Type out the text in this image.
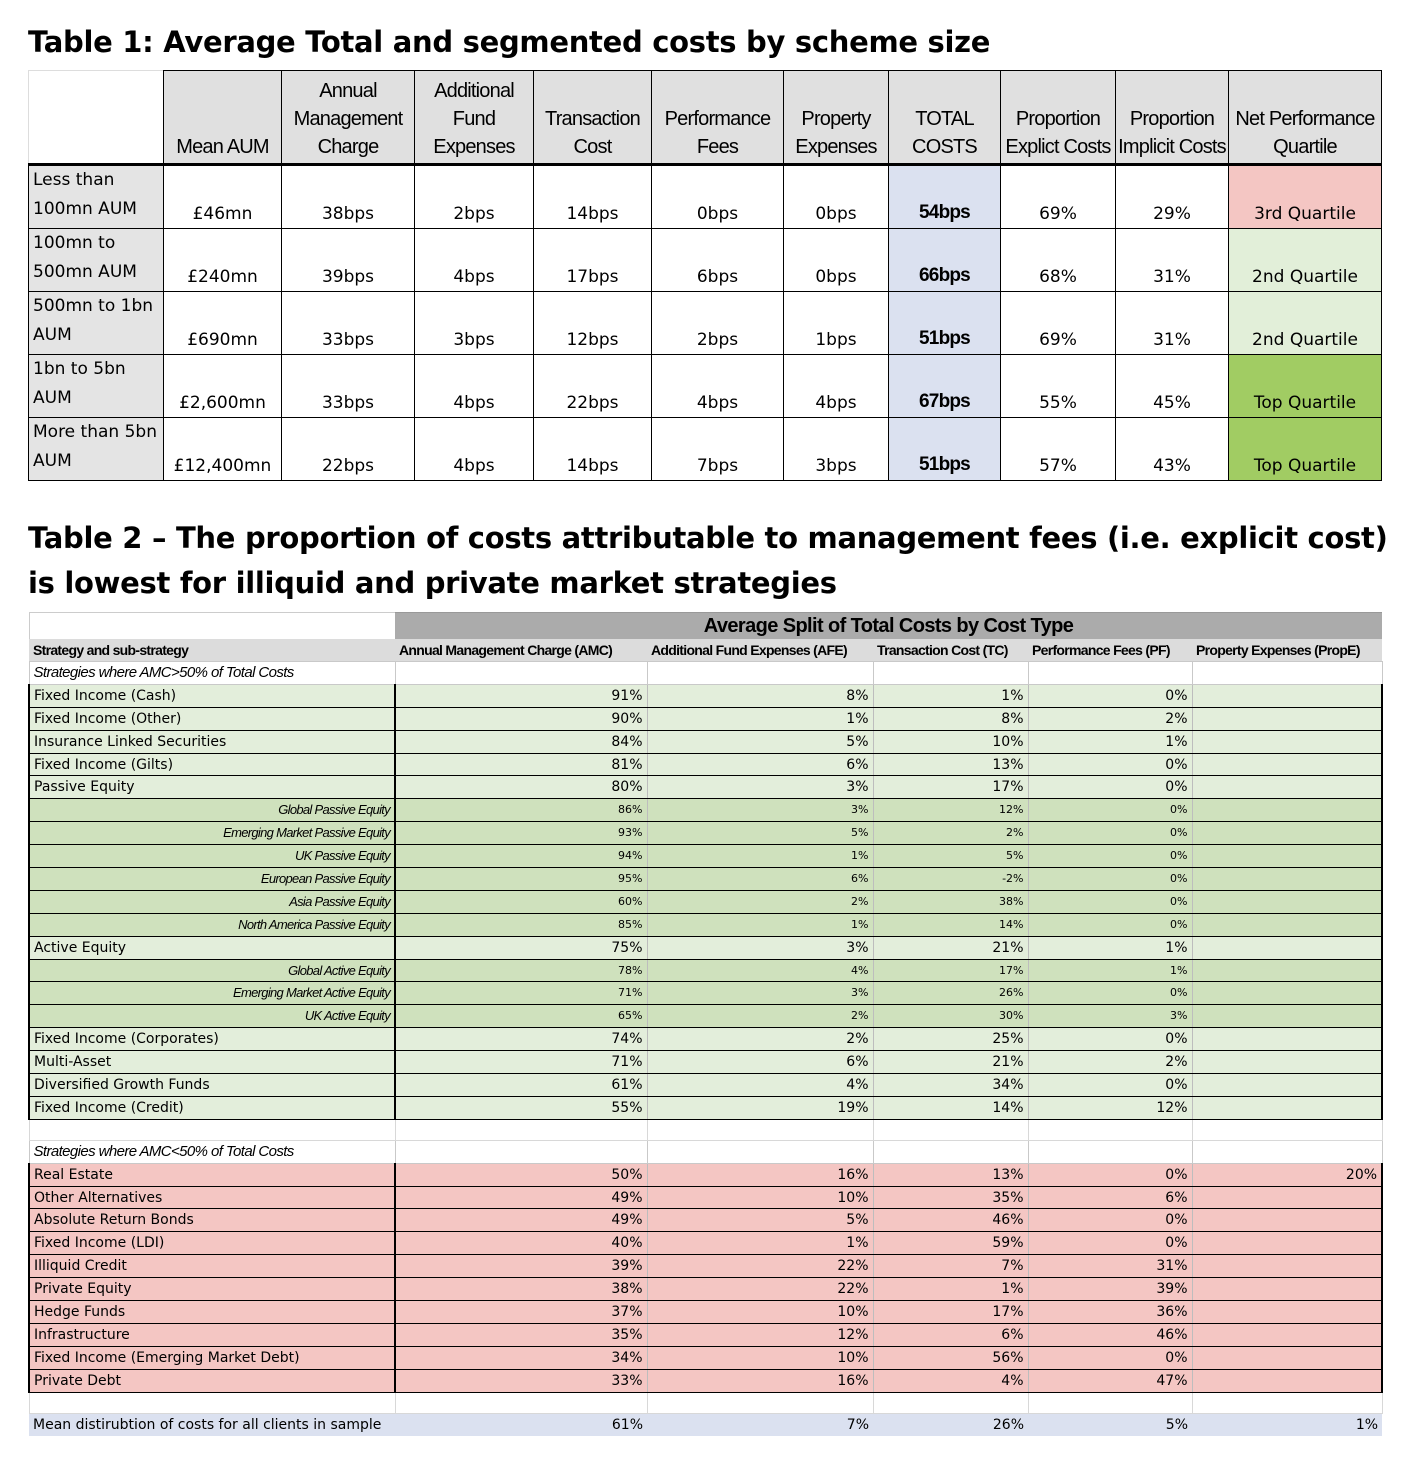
Table 1: Average Total and segmented costs by scheme size
	Mean AUM	Annual Management Charge	Additional Fund Expenses	Transaction Cost	Performance Fees	Property Expenses	TOTAL COSTS	Proportion Explict Costs	Proportion Implicit Costs	Net Performance Quartile
Less than 100mn AUM	£46mn	38bps	2bps	14bps	0bps	0bps	54bps	69%	29%	3rd Quartile
100mn to 500mn AUM	£240mn	39bps	4bps	17bps	6bps	0bps	66bps	68%	31%	2nd Quartile
500mn to 1bn AUM	£690mn	33bps	3bps	12bps	2bps	1bps	51bps	69%	31%	2nd Quartile
1bn to 5bn AUM	£2,600mn	33bps	4bps	22bps	4bps	4bps	67bps	55%	45%	Top Quartile
More than 5bn AUM	£12,400mn	22bps	4bps	14bps	7bps	3bps	51bps	57%	43%	Top Quartile
Table 2 – The proportion of costs attributable to management fees (i.e. explicit cost) is lowest for illiquid and private market strategies
	Average Split of Total Costs by Cost Type				
Strategy and sub-strategy	Annual Management Charge (AMC)	Additional Fund Expenses (AFE)	Transaction Cost (TC)	Performance Fees (PF)	Property Expenses (PropE)
Strategies where AMC>50% of Total Costs					
Fixed Income (Cash)	91%	8%	1%	0%	
Fixed Income (Other)	90%	1%	8%	2%	
Insurance Linked Securities	84%	5%	10%	1%	
Fixed Income (Gilts)	81%	6%	13%	0%	
Passive Equity	80%	3%	17%	0%	
Global Passive Equity	86%	3%	12%	0%	
Emerging Market Passive Equity	93%	5%	2%	0%	
UK Passive Equity	94%	1%	5%	0%	
European Passive Equity	95%	6%	-2%	0%	
Asia Passive Equity	60%	2%	38%	0%	
North America Passive Equity	85%	1%	14%	0%	
Active Equity	75%	3%	21%	1%	
Global Active Equity	78%	4%	17%	1%	
Emerging Market Active Equity	71%	3%	26%	0%	
UK Active Equity	65%	2%	30%	3%	
Fixed Income (Corporates)	74%	2%	25%	0%	
Multi-Asset	71%	6%	21%	2%	
Diversified Growth Funds	61%	4%	34%	0%	
Fixed Income (Credit)	55%	19%	14%	12%	

Strategies where AMC<50% of Total Costs					
Real Estate	50%	16%	13%	0%	20%
Other Alternatives	49%	10%	35%	6%	
Absolute Return Bonds	49%	5%	46%	0%	
Fixed Income (LDI)	40%	1%	59%	0%	
Illiquid Credit	39%	22%	7%	31%	
Private Equity	38%	22%	1%	39%	
Hedge Funds	37%	10%	17%	36%	
Infrastructure	35%	12%	6%	46%	
Fixed Income (Emerging Market Debt)	34%	10%	56%	0%	
Private Debt	33%	16%	4%	47%	

Mean distirubtion of costs for all clients in sample	61%	7%	26%	5%	1%
